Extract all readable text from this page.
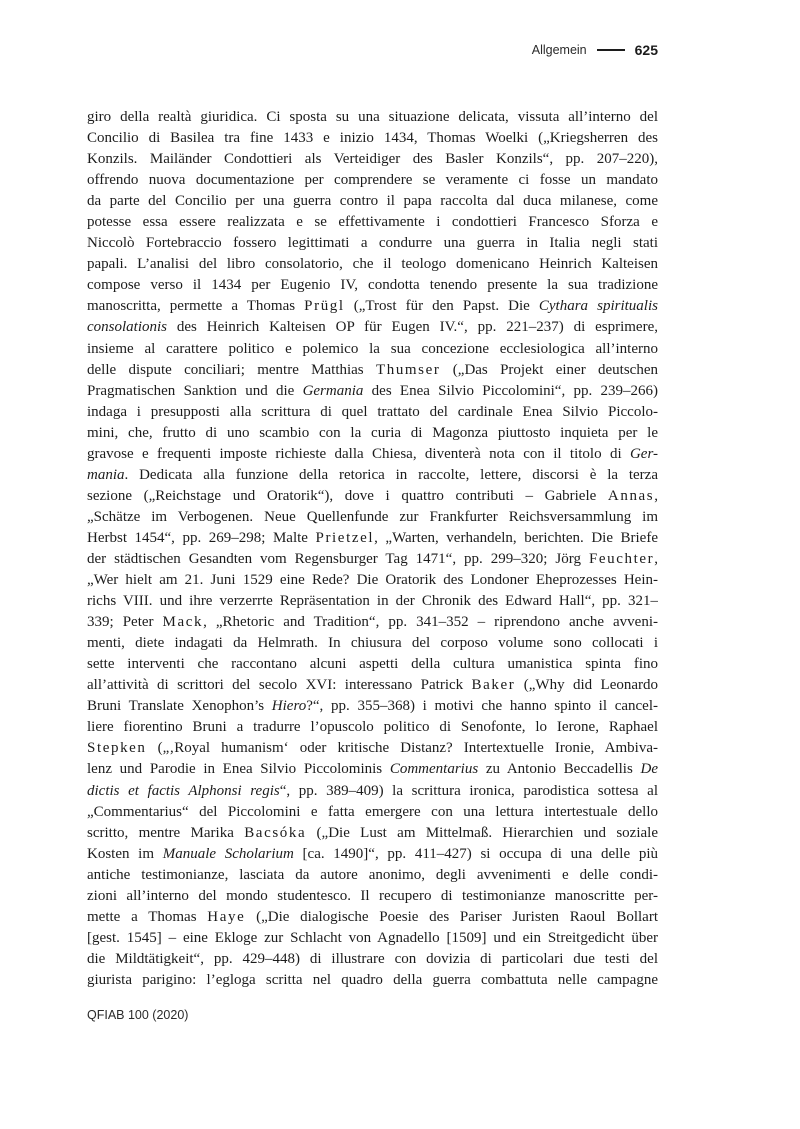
Allgemein	625
giro della realtà giuridica. Ci sposta su una situazione delicata, vissuta all’interno del
Concilio di Basilea tra fine 1433 e inizio 1434, Thomas Woelki („Kriegsherren des
Konzils. Mailänder Condottieri als Verteidiger des Basler Konzils“, pp. 207–220),
offrendo nuova documentazione per comprendere se veramente ci fosse un mandato
da parte del Concilio per una guerra contro il papa raccolta dal duca milanese, come
potesse essa essere realizzata e se effettivamente i condottieri Francesco Sforza e
Niccolò Fortebraccio fossero legittimati a condurre una guerra in Italia negli stati
papali. L’analisi del libro consolatorio, che il teologo domenicano Heinrich Kalteisen
compose verso il 1434 per Eugenio IV, condotta tenendo presente la sua tradizione
manoscritta, permette a Thomas Prügl („Trost für den Papst. Die Cythara spiritualis
consolationis des Heinrich Kalteisen OP für Eugen IV.“, pp. 221–237) di esprimere,
insieme al carattere politico e polemico la sua concezione ecclesiologica all’interno
delle dispute conciliari; mentre Matthias Thumser („Das Projekt einer deutschen
Pragmatischen Sanktion und die Germania des Enea Silvio Piccolomini“, pp. 239–266)
indaga i presupposti alla scrittura di quel trattato del cardinale Enea Silvio Piccolo-
mini, che, frutto di uno scambio con la curia di Magonza piuttosto inquieta per le
gravose e frequenti imposte richieste dalla Chiesa, diventerà nota con il titolo di Ger-
mania. Dedicata alla funzione della retorica in raccolte, lettere, discorsi è la terza
sezione („Reichstage und Oratorik“), dove i quattro contributi – Gabriele Annas,
„Schätze im Verbogenen. Neue Quellenfunde zur Frankfurter Reichsversammlung im
Herbst 1454“, pp. 269–298; Malte Prietzel, „Warten, verhandeln, berichten. Die Briefe
der städtischen Gesandten vom Regensburger Tag 1471“, pp. 299–320; Jörg Feuchter,
„Wer hielt am 21. Juni 1529 eine Rede? Die Oratorik des Londoner Eheprozesses Hein-
richs VIII. und ihre verzerrte Repräsentation in der Chronik des Edward Hall“, pp. 321–
339; Peter Mack, „Rhetoric and Tradition“, pp. 341–352 – riprendono anche avveni-
menti, diete indagati da Helmrath. In chiusura del corposo volume sono collocati i
sette interventi che raccontano alcuni aspetti della cultura umanistica spinta fino
all’attività di scrittori del secolo XVI: interessano Patrick Baker („Why did Leonardo
Bruni Translate Xenophon’s Hiero?“, pp. 355–368) i motivi che hanno spinto il cancel-
liere fiorentino Bruni a tradurre l’opuscolo politico di Senofonte, lo Ierone, Raphael
Stepken („‚Royal humanism‘ oder kritische Distanz? Intertextuelle Ironie, Ambiva-
lenz und Parodie in Enea Silvio Piccolominis Commentarius zu Antonio Beccadellis De
dictis et factis Alphonsi regis“, pp. 389–409) la scrittura ironica, parodistica sottesa al
„Commentarius“ del Piccolomini e fatta emergere con una lettura intertestuale dello
scritto, mentre Marika Bacsóka („Die Lust am Mittelmaß. Hierarchien und soziale
Kosten im Manuale Scholarium [ca. 1490]“, pp. 411–427) si occupa di una delle più
antiche testimonianze, lasciata da autore anonimo, degli avvenimenti e delle condi-
zioni all’interno del mondo studentesco. Il recupero di testimonianze manoscritte per-
mette a Thomas Haye („Die dialogische Poesie des Pariser Juristen Raoul Bollart
[gest. 1545] – eine Ekloge zur Schlacht von Agnadello [1509] und ein Streitgedicht über
die Mildtätigkeit“, pp. 429–448) di illustrare con dovizia di particolari due testi del
giurista parigino: l’egloga scritta nel quadro della guerra combattuta nelle campagne
QFIAB 100 (2020)
